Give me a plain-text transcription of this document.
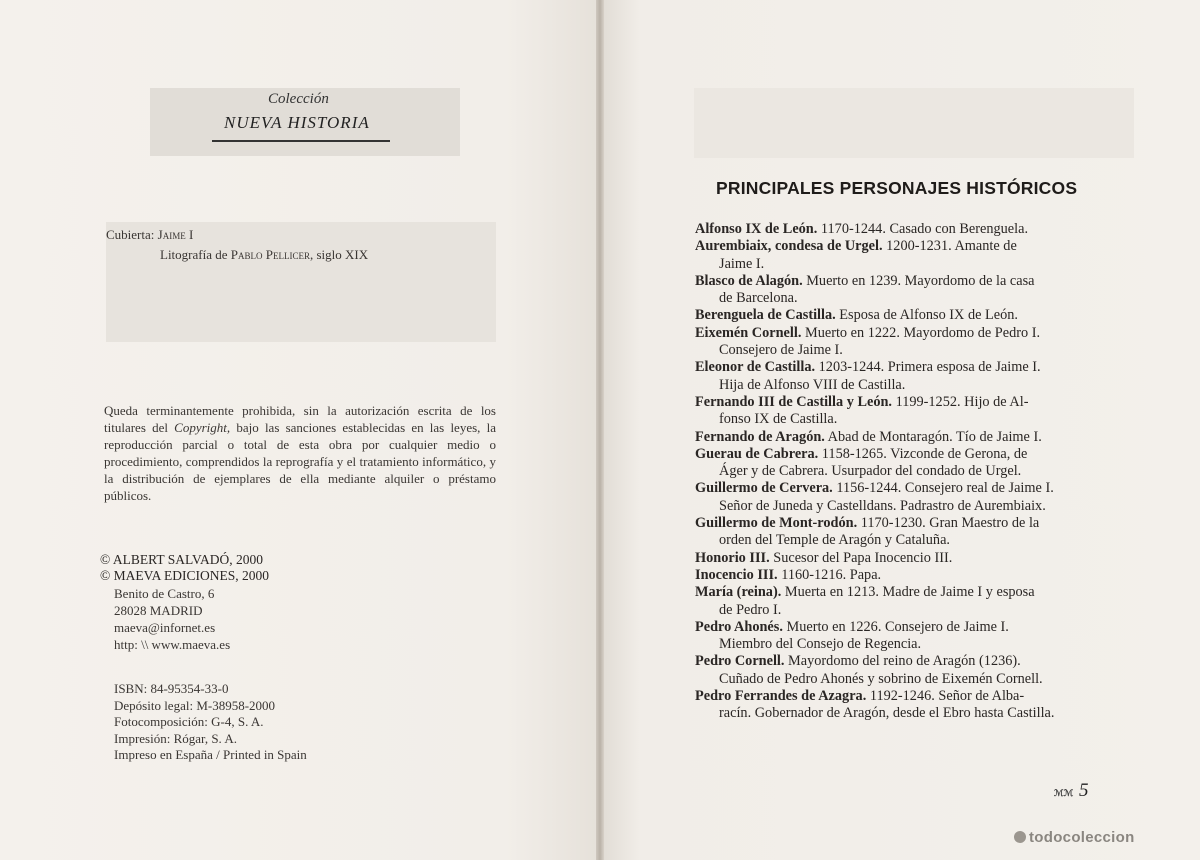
Colección
NUEVA HISTORIA
Cubierta: Jaime I
Litografía de Pablo Pellicer, siglo XIX
Queda terminantemente prohibida, sin la autorización escrita de los titulares del Copyright, bajo las sanciones establecidas en las leyes, la reproducción parcial o total de esta obra por cualquier medio o procedimiento, comprendidos la reprografía y el tratamiento informático, y la distribución de ejemplares de ella mediante alquiler o préstamo públicos.
© ALBERT SALVADÓ, 2000
© MAEVA EDICIONES, 2000
Benito de Castro, 6
28028 MADRID
maeva@infornet.es
http: \\ www.maeva.es
ISBN: 84-95354-33-0
Depósito legal: M-38958-2000
Fotocomposición: G-4, S. A.
Impresión: Rógar, S. A.
Impreso en España / Printed in Spain
PRINCIPALES PERSONAJES HISTÓRICOS
Alfonso IX de León. 1170-1244. Casado con Berenguela.
Aurembiaix, condesa de Urgel. 1200-1231. Amante de
Jaime I.
Blasco de Alagón. Muerto en 1239. Mayordomo de la casa
de Barcelona.
Berenguela de Castilla. Esposa de Alfonso IX de León.
Eixemén Cornell. Muerto en 1222. Mayordomo de Pedro I.
Consejero de Jaime I.
Eleonor de Castilla. 1203-1244. Primera esposa de Jaime I.
Hija de Alfonso VIII de Castilla.
Fernando III de Castilla y León. 1199-1252. Hijo de Al-
fonso IX de Castilla.
Fernando de Aragón. Abad de Montaragón. Tío de Jaime I.
Guerau de Cabrera. 1158-1265. Vizconde de Gerona, de
Áger y de Cabrera. Usurpador del condado de Urgel.
Guillermo de Cervera. 1156-1244. Consejero real de Jaime I.
Señor de Juneda y Castelldans. Padrastro de Aurembiaix.
Guillermo de Mont-rodón. 1170-1230. Gran Maestro de la
orden del Temple de Aragón y Cataluña.
Honorio III. Sucesor del Papa Inocencio III.
Inocencio III. 1160-1216. Papa.
María (reina). Muerta en 1213. Madre de Jaime I y esposa
de Pedro I.
Pedro Ahonés. Muerto en 1226. Consejero de Jaime I.
Miembro del Consejo de Regencia.
Pedro Cornell. Mayordomo del reino de Aragón (1236).
Cuñado de Pedro Ahonés y sobrino de Eixemén Cornell.
Pedro Ferrandes de Azagra. 1192-1246. Señor de Alba-
racín. Gobernador de Aragón, desde el Ebro hasta Castilla.
ℳℳ 5
todocoleccion
